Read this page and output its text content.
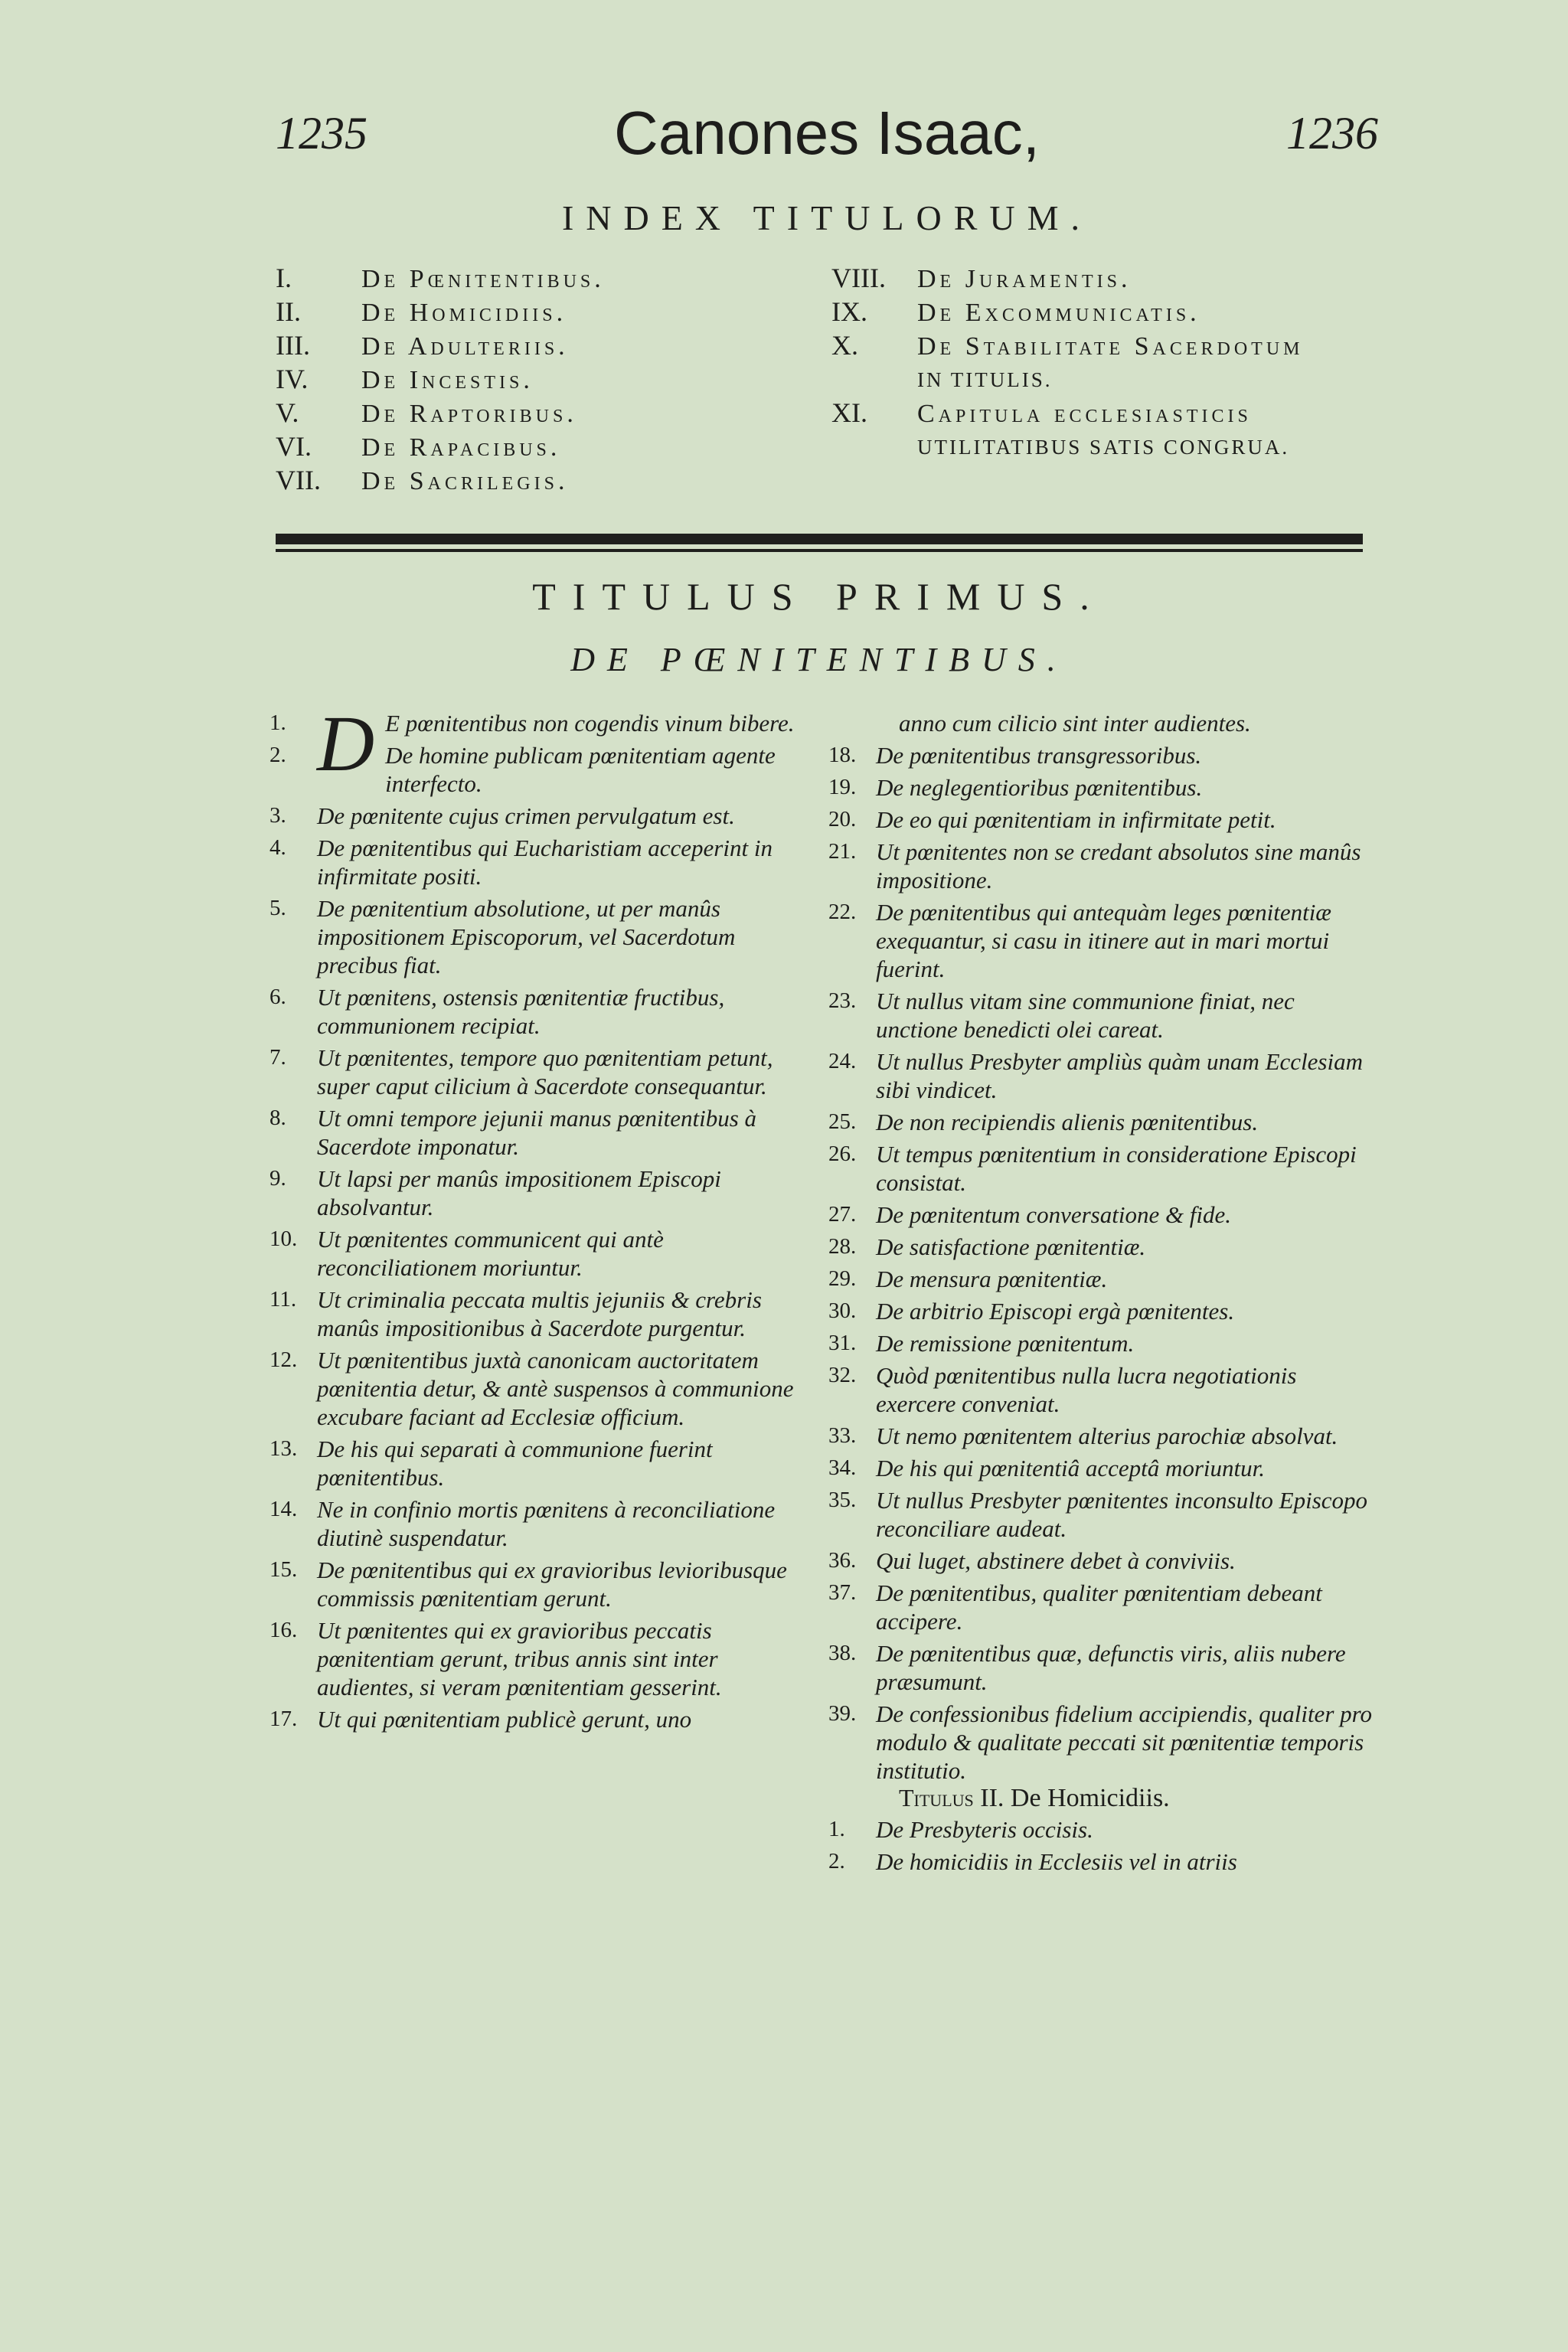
1235	Canones Isaac,	1236
INDEX TITULORUM.
I.	De Pœnitentibus.
II.	De Homicidiis.
III.	De Adulteriis.
IV.	De Incestis.
V.	De Raptoribus.
VI.	De Rapacibus.
VII.	De Sacrilegis.
VIII.	De Juramentis.
IX.	De Excommunicatis.
X.	De Stabilitate Sacerdotum
IN TITULIS.
XI.	Capitula ecclesiasticis
UTILITATIBUS SATIS CONGRUA.
TITULUS PRIMUS.
DE PŒNITENTIBUS.
1. D E pœnitentibus non cogendis vinum bibere.
2.	De homine publicam pœnitentiam agente interfecto.
3. De pœnitente cujus crimen pervulgatum est.
4. De pœnitentibus qui Eucharistiam acceperint in infirmitate positi.
5. De pœnitentium absolutione, ut per manûs impositionem Episcoporum, vel Sacerdotum precibus fiat.
6. Ut pœnitens, ostensis pœnitentiæ fructibus, communionem recipiat.
7. Ut pœnitentes, tempore quo pœnitentiam petunt, super caput cilicium à Sacerdote consequantur.
8. Ut omni tempore jejunii manus pœnitentibus à Sacerdote imponatur.
9. Ut lapsi per manûs impositionem Episcopi absolvantur.
10. Ut pœnitentes communicent qui antè reconciliationem moriuntur.
11. Ut criminalia peccata multis jejuniis & crebris manûs impositionibus à Sacerdote purgentur.
12. Ut pœnitentibus juxtà canonicam auctoritatem pœnitentia detur, & antè suspensos à communione excubare faciant ad Ecclesiæ officium.
13. De his qui separati à communione fuerint pœnitentibus.
14. Ne in confinio mortis pœnitens à reconciliatione diutinè suspendatur.
15. De pœnitentibus qui ex gravioribus levioribusque commissis pœnitentiam gerunt.
16. Ut pœnitentes qui ex gravioribus peccatis pœnitentiam gerunt, tribus annis sint inter audientes, si veram pœnitentiam gesserint.
17. Ut qui pœnitentiam publicè gerunt, uno
anno cum cilicio sint inter audientes.
18. De pœnitentibus transgressoribus.
19. De neglegentioribus pœnitentibus.
20. De eo qui pœnitentiam in infirmitate petit.
21. Ut pœnitentes non se credant absolutos sine manûs impositione.
22. De pœnitentibus qui antequàm leges pœnitentiæ exequantur, si casu in itinere aut in mari mortui fuerint.
23. Ut nullus vitam sine communione finiat, nec unctione benedicti olei careat.
24. Ut nullus Presbyter ampliùs quàm unam Ecclesiam sibi vindicet.
25. De non recipiendis alienis pœnitentibus.
26. Ut tempus pœnitentium in consideratione Episcopi consistat.
27. De pœnitentum conversatione & fide.
28. De satisfactione pœnitentiæ.
29. De mensura pœnitentiæ.
30. De arbitrio Episcopi ergà pœnitentes.
31. De remissione pœnitentum.
32. Quòd pœnitentibus nulla lucra negotiationis exercere conveniat.
33. Ut nemo pœnitentem alterius parochiæ absolvat.
34. De his qui pœnitentiâ acceptâ moriuntur.
35. Ut nullus Presbyter pœnitentes inconsulto Episcopo reconciliare audeat.
36. Qui luget, abstinere debet à conviviis.
37. De pœnitentibus, qualiter pœnitentiam debeant accipere.
38. De pœnitentibus quæ, defunctis viris, aliis nubere præsumunt.
39. De confessionibus fidelium accipiendis, qualiter pro modulo & qualitate peccati sit pœnitentiæ temporis institutio.
Titulus II. De Homicidiis.
1. De Presbyteris occisis.
2. De homicidiis in Ecclesiis vel in atriis
